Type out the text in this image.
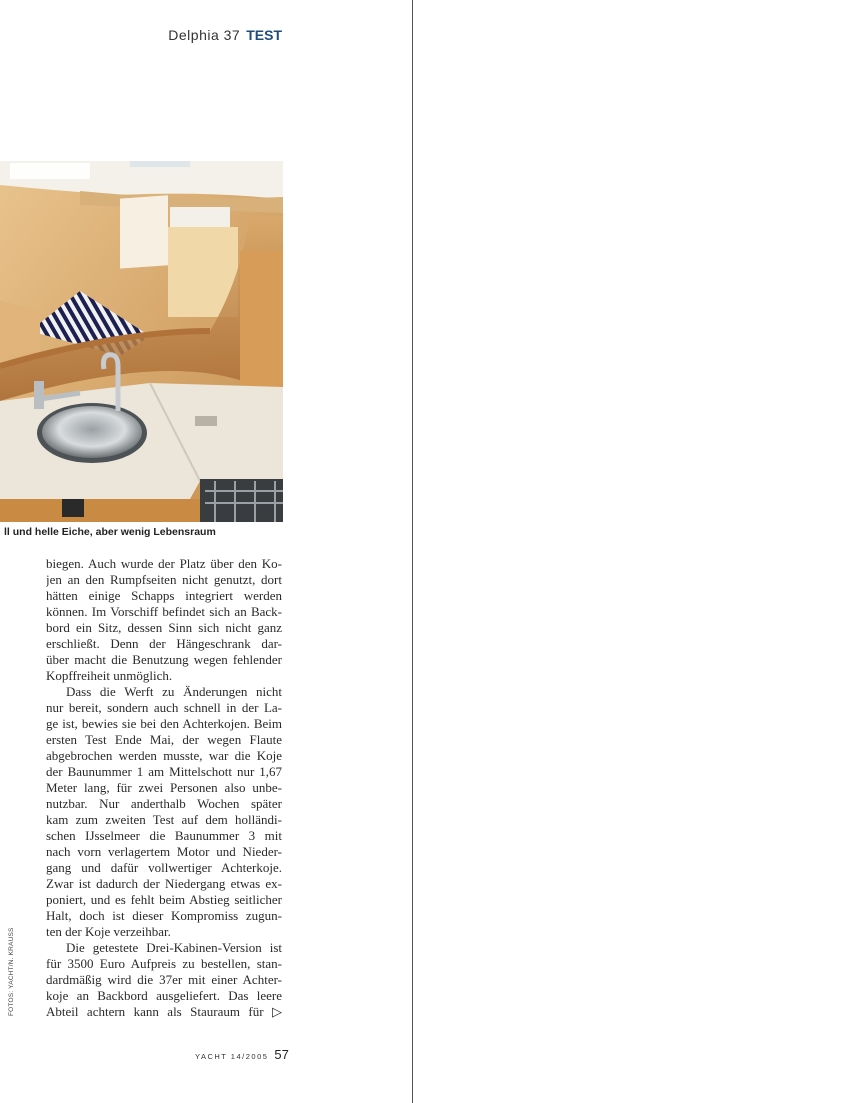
Delphia 37 TEST
ll und helle Eiche, aber wenig Lebensraum
FOTOS: YACHT/N. KRAUSS
biegen. Auch wurde der Platz über den Ko-
jen an den Rumpfseiten nicht genutzt, dort
hätten einige Schapps integriert werden
können. Im Vorschiff befindet sich an Back-
bord ein Sitz, dessen Sinn sich nicht ganz
erschließt. Denn der Hängeschrank dar-
über macht die Benutzung wegen fehlender
Kopffreiheit unmöglich.
Dass die Werft zu Änderungen nicht
nur bereit, sondern auch schnell in der La-
ge ist, bewies sie bei den Achterkojen. Beim
ersten Test Ende Mai, der wegen Flaute
abgebrochen werden musste, war die Koje
der Baunummer 1 am Mittelschott nur 1,67
Meter lang, für zwei Personen also unbe-
nutzbar. Nur anderthalb Wochen später
kam zum zweiten Test auf dem holländi-
schen IJsselmeer die Baunummer 3 mit
nach vorn verlagertem Motor und Nieder-
gang und dafür vollwertiger Achterkoje.
Zwar ist dadurch der Niedergang etwas ex-
poniert, und es fehlt beim Abstieg seitlicher
Halt, doch ist dieser Kompromiss zugun-
ten der Koje verzeihbar.
Die getestete Drei-Kabinen-Version ist
für 3500 Euro Aufpreis zu bestellen, stan-
dardmäßig wird die 37er mit einer Achter-
koje an Backbord ausgeliefert. Das leere
Abteil achtern kann als Stauraum für ▷
YACHT 14/2005 57
